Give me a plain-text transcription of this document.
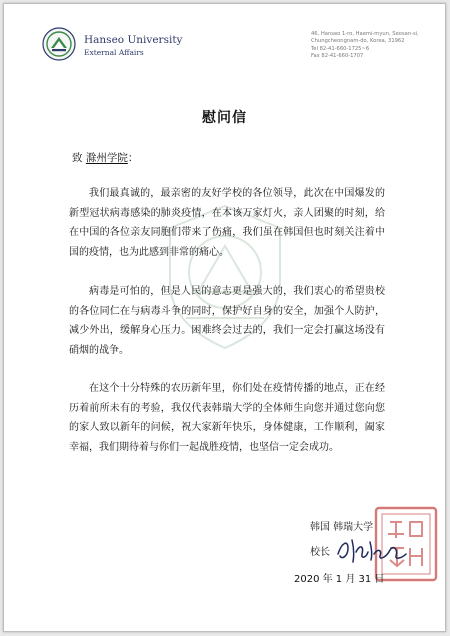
Hanseo University
External Affairs
46, Hanseo 1-ro, Haemi-myun, Seosan-si,
Chungcheongnam-do, Korea, 31962
Tel 82-41-660-1725~6
Fax 82-41-660-1707
慰问信
致 滁州学院：

我们最真诚的，最亲密的友好学校的各位领导，此次在中国爆发的新型冠状病毒感染的肺炎疫情，在本该万家灯火，亲人团聚的时刻，给在中国的各位亲友同胞们带来了伤痛，我们虽在韩国但也时刻关注着中国的疫情，也为此感到非常的痛心。

病毒是可怕的，但是人民的意志更是强大的，我们衷心的希望贵校的各位同仁在与病毒斗争的同时，保护好自身的安全，加强个人防护，减少外出，缓解身心压力。困难终会过去的，我们一定会打赢这场没有硝烟的战争。

在这个十分特殊的农历新年里，你们处在疫情传播的地点，正在经历着前所未有的考验，我仅代表韩瑞大学的全体师生向您并通过您向您的家人致以新年的问候，祝大家新年快乐，身体健康，工作顺利，阖家幸福，我们期待着与你们一起战胜疫情，也坚信一定会成功。

韩国 韩瑞大学
校长
2020 年 1 月 31 日
